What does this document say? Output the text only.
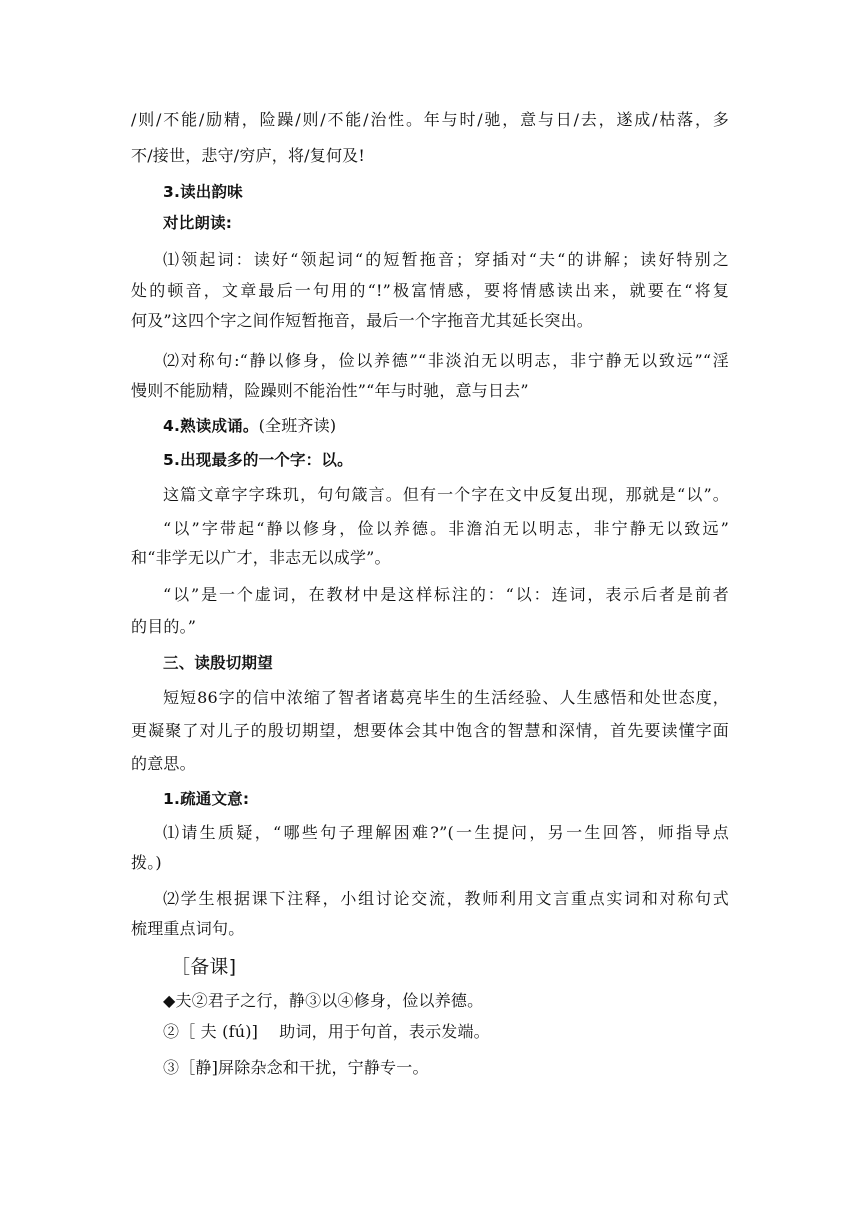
/则/不能/励精，险躁/则/不能/治性。年与时/驰，意与日/去，遂成/枯落，多
不/接世，悲守/穷庐，将/复何及!
3.读出韵味
对比朗读:
⑴领起词：读好“领起词“的短暂拖音；穿插对“夫“的讲解；读好特别之
处的顿音，文章最后一句用的“!”极富情感，要将情感读出来，就要在“将复
何及”这四个字之间作短暂拖音，最后一个字拖音尤其延长突出。
⑵对称句:“静以修身，俭以养德”“非淡泊无以明志，非宁静无以致远”“淫
慢则不能励精，险躁则不能治性”“年与时驰，意与日去”
4.熟读成诵。(全班齐读)
5.出现最多的一个字：以。
这篇文章字字珠玑，句句箴言。但有一个字在文中反复出现，那就是“以”。
“以”字带起“静以修身，俭以养德。非澹泊无以明志，非宁静无以致远”
和“非学无以广才，非志无以成学”。
“以”是一个虚词，在教材中是这样标注的：“以：连词，表示后者是前者
的目的。”
三、读殷切期望
短短86字的信中浓缩了智者诸葛亮毕生的生活经验、人生感悟和处世态度，
更凝聚了对儿子的殷切期望，想要体会其中饱含的智慧和深情，首先要读懂字面
的意思。
1.疏通文意:
⑴请生质疑，“哪些句子理解困难?”(一生提问，另一生回答，师指导点
拨。)
⑵学生根据课下注释，小组讨论交流，教师利用文言重点实词和对称句式
梳理重点词句。
［备课]
◆夫②君子之行，静③以④修身，俭以养德。
②［ 夫 (fú)]    助词，用于句首，表示发端。
③［静]屏除杂念和干扰，宁静专一。
